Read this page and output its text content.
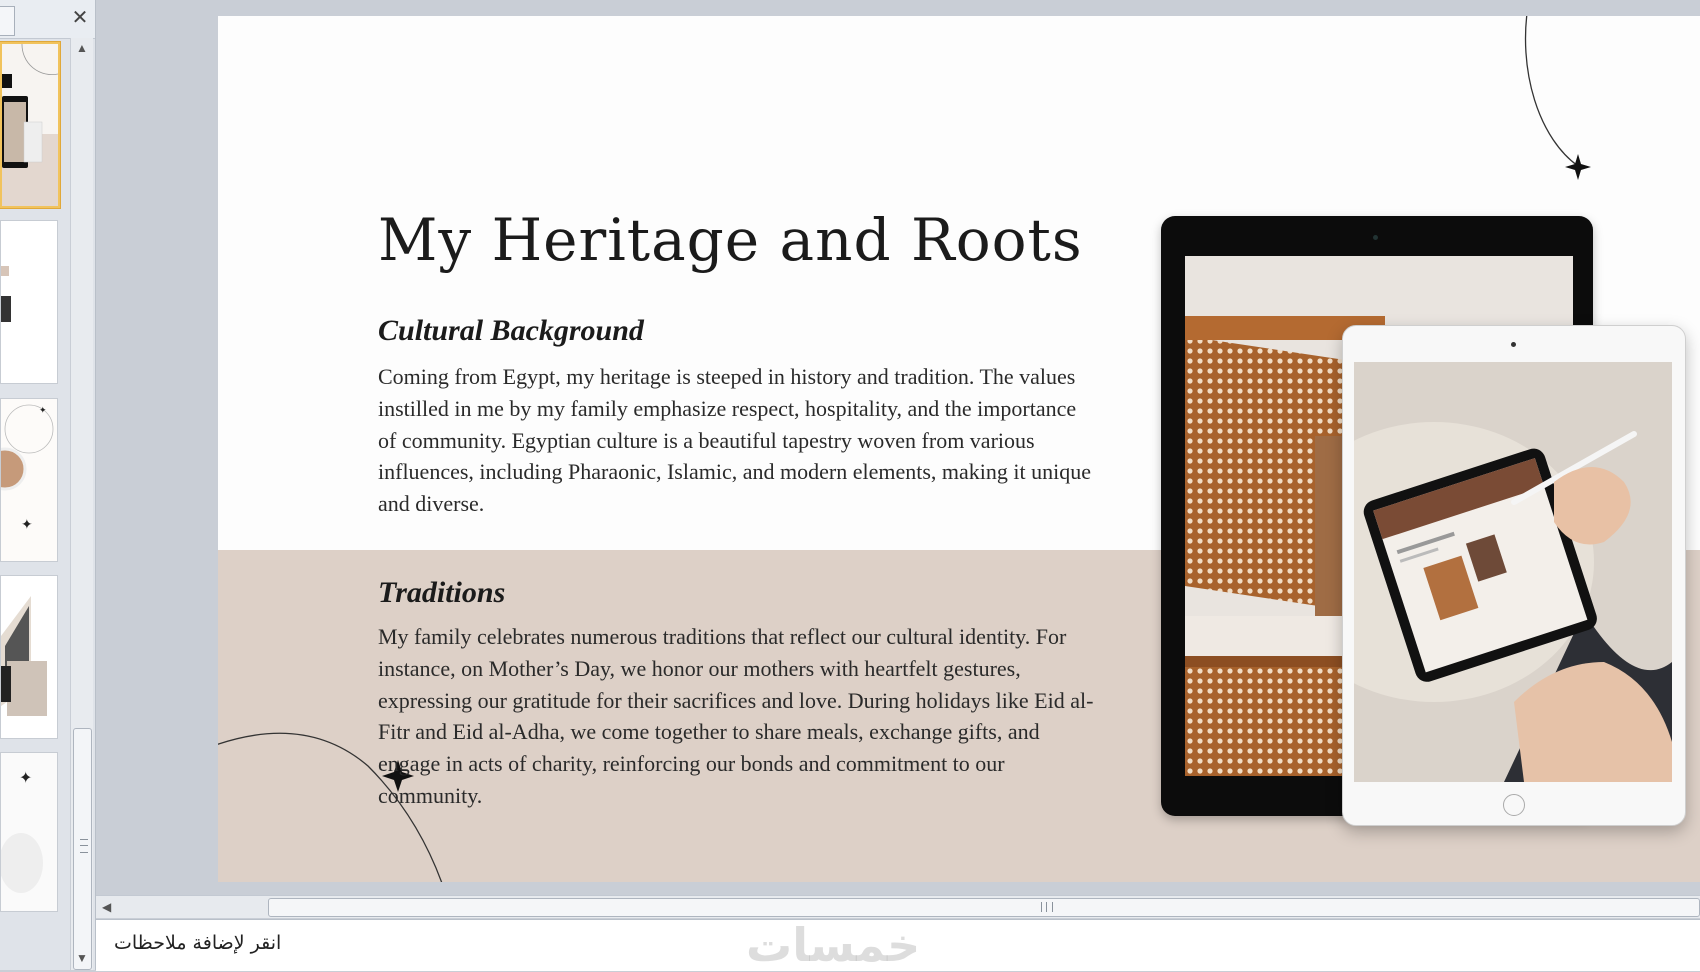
✕
✦
✦
✦
▲
▼
My Heritage and Roots
Cultural Background
Coming from Egypt, my heritage is steeped in history and tradition. The values instilled in me by my family emphasize respect, hospitality, and the importance of community. Egyptian culture is a beautiful tapestry woven from various influences, including Pharaonic, Islamic, and modern elements, making it unique and diverse.
Traditions
My family celebrates numerous traditions that reflect our cultural identity. For instance, on Mother’s Day, we honor our mothers with heartfelt gestures, expressing our gratitude for their sacrifices and love. During holidays like Eid al-Fitr and Eid al-Adha, we come together to share meals, exchange gifts, and engage in acts of charity, reinforcing our bonds and commitment to our community.
◀
انقر لإضافة ملاحظات	خمسات
